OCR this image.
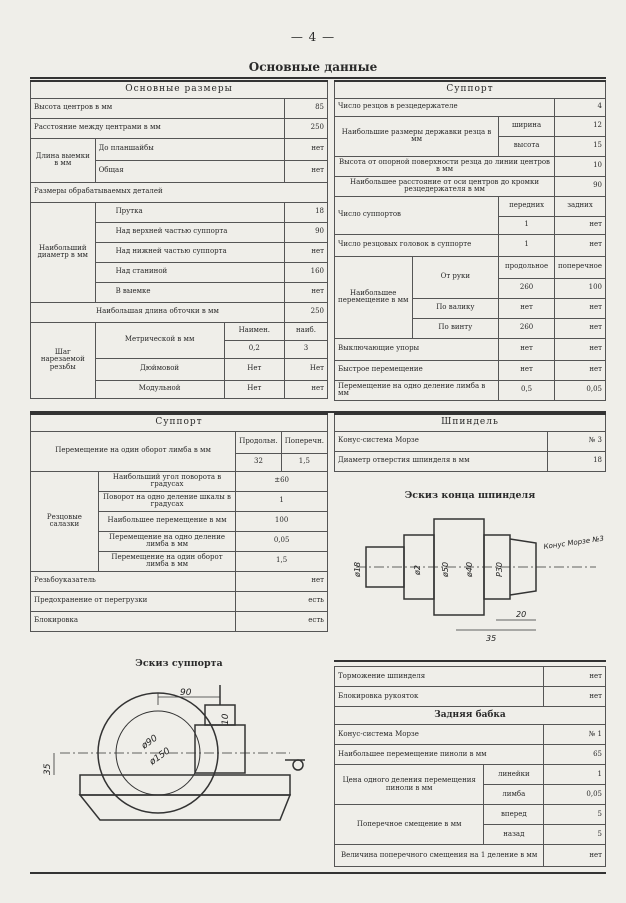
— 4 —
Основные данные
Основные размеры			
Высота центров в мм			85
Расстояние между центрами в мм			250
Длина выемки в мм	До планшайбы		нет
	Общая		нет
Размеры обрабатываемых деталей			
Наибольший диаметр в мм	Прутка		18
	Над верхней частью суппорта		90
	Над нижней частью суппорта		нет
	Над станиной		160
	В выемке		нет
Наибольшая длина обточки в мм			250
Шаг нарезаемой резьбы	Метрической в мм	Наимен.	наиб.
		0,2	3
	Дюймовой	Нет	Нет
	Модульной	Нет	нет
Суппорт			
Число резцов в резцедержателе			4
Наибольшие размеры державки резца в мм		ширина	12
		высота	15
Высота от опорной поверхности резца до линии центров в мм			10
Наибольшее расстояние от оси центров до кромки резцедержателя в мм			90
Число суппортов		передних	задних
		1	нет
Число резцовых головок в суппорте		1	нет
Наибольшее перемещение в мм	От руки	продольное	поперечное
		260	100
	По валику	нет	нет
	По винту	260	нет
Выключающие упоры		нет	нет
Быстрое перемещение		нет	нет
Перемещение на одно деление лимба в мм		0,5	0,05
Суппорт			
Перемещение на один оборот лимба в мм		Продольн.	Поперечн.
		32	1,5
Резцовые салазки	Наибольший угол поворота в градусах	±60	
	Поворот на одно деление шкалы в градусах	1	
	Наибольшее перемещение в мм	100	
	Перемещение на одно деление лимба в мм	0,05	
	Перемещение на один оборот лимба в мм	1,5	
Резьбоуказатель		нет	
Предохранение от перегрузки		есть	
Блокировка		есть	
Шпиндель	
Конус-система Морзе	№ 3
Диаметр отверстия шпинделя в мм	18
Эскиз конца шпинделя
ø18	ø2 ø50 ø40	Р30
20
35
Конус Морзе №3
Торможение шпинделя		нет
Блокировка рукояток		нет
Задняя бабка		
Конус-система Морзе		№ 1
Наибольшее перемещение пиноли в мм		65
Цена одного деления перемещения пиноли в мм	линейки	1
	лимба	0,05
Поперечное смещение в мм	вперед	5
	назад	5
Величина поперечного смещения на 1 деление в мм		нет
Эскиз суппорта
90
ø90
ø150
10
35
